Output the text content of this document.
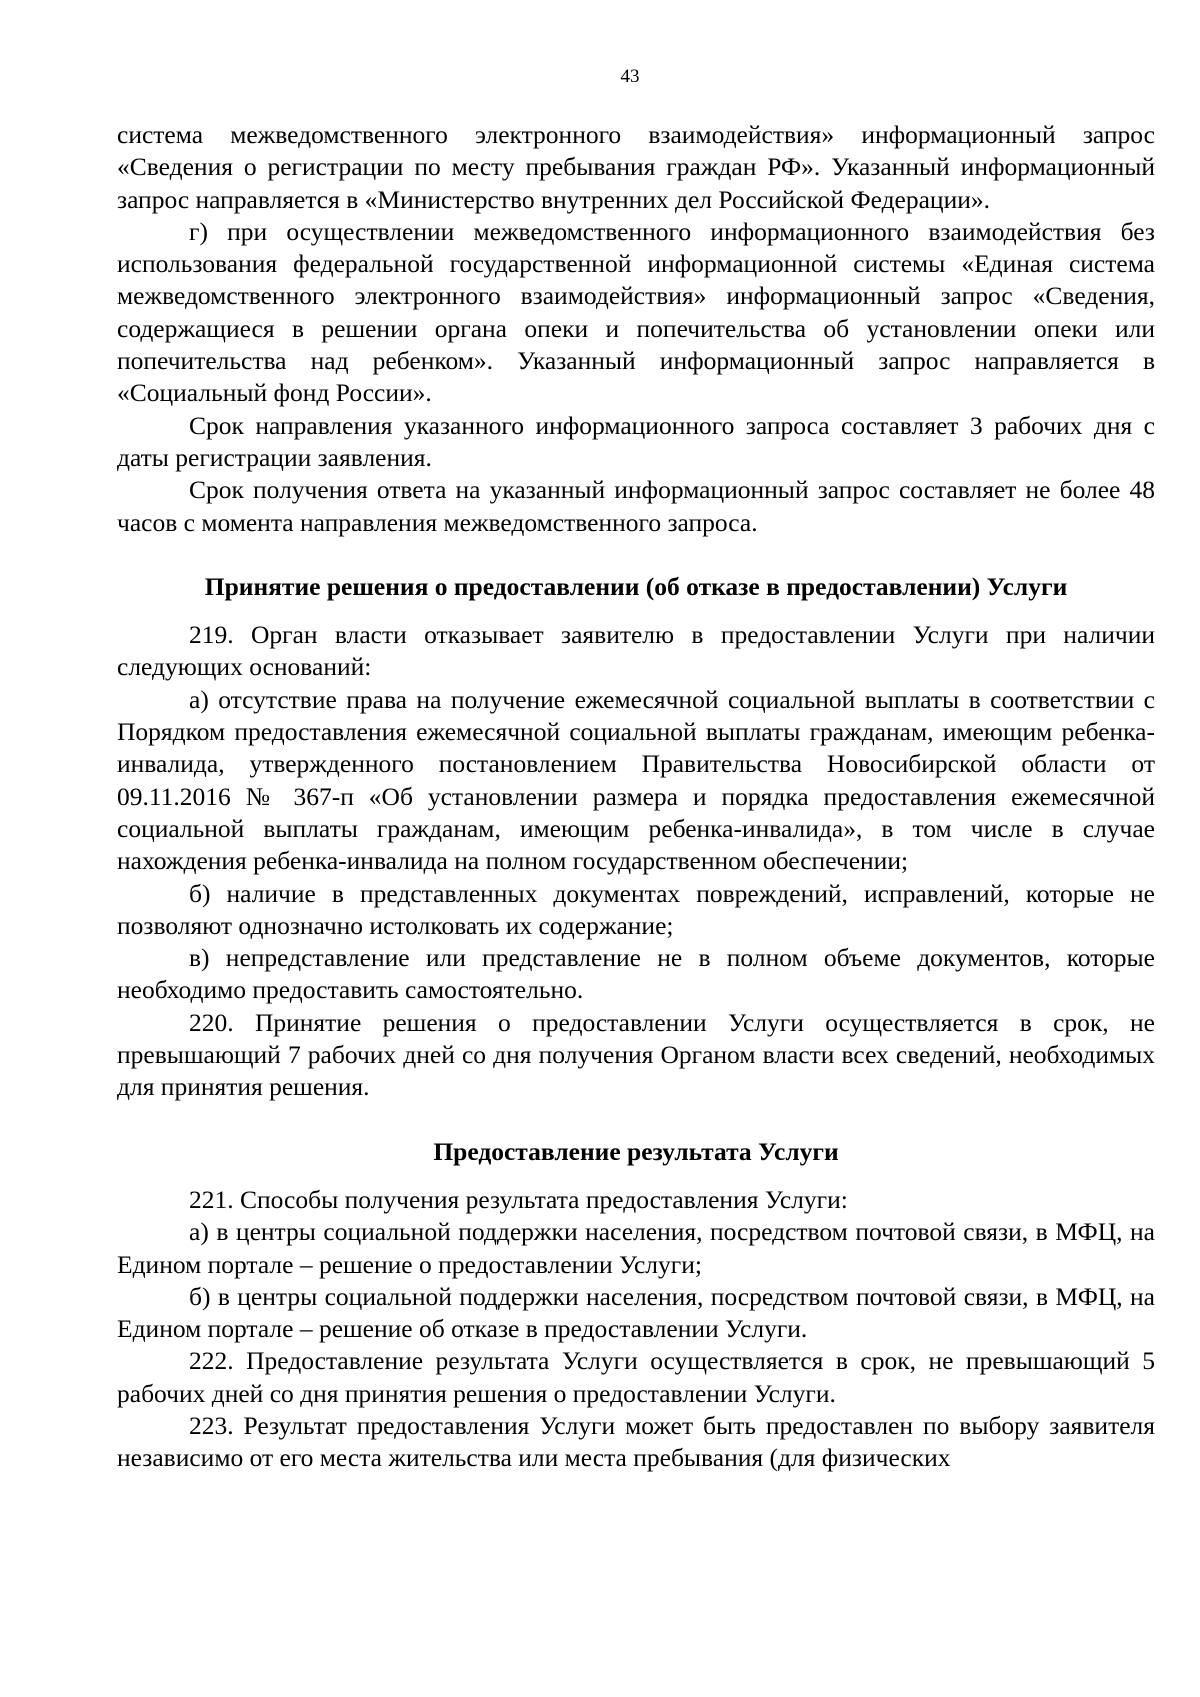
43

система межведомственного электронного взаимодействия» информационный запрос «Сведения о регистрации по месту пребывания граждан РФ». Указанный информационный запрос направляется в «Министерство внутренних дел Российской Федерации».

г) при осуществлении межведомственного информационного взаимодействия без использования федеральной государственной информационной системы «Единая система межведомственного электронного взаимодействия» информационный запрос «Сведения, содержащиеся в решении органа опеки и попечительства об установлении опеки или попечительства над ребенком». Указанный информационный запрос направляется в «Социальный фонд России».

Срок направления указанного информационного запроса составляет 3 рабочих дня с даты регистрации заявления.

Срок получения ответа на указанный информационный запрос составляет не более 48 часов с момента направления межведомственного запроса.

Принятие решения о предоставлении (об отказе в предоставлении) Услуги

219. Орган власти отказывает заявителю в предоставлении Услуги при наличии следующих оснований:

а) отсутствие права на получение ежемесячной социальной выплаты в соответствии с Порядком предоставления ежемесячной социальной выплаты гражданам, имеющим ребенка-инвалида, утвержденного постановлением Правительства Новосибирской области от 09.11.2016 № 367-п «Об установлении размера и порядка предоставления ежемесячной социальной выплаты гражданам, имеющим ребенка-инвалида», в том числе в случае нахождения ребенка-инвалида на полном государственном обеспечении;

б) наличие в представленных документах повреждений, исправлений, которые не позволяют однозначно истолковать их содержание;

в) непредставление или представление не в полном объеме документов, которые необходимо предоставить самостоятельно.

220. Принятие решения о предоставлении Услуги осуществляется в срок, не превышающий 7 рабочих дней со дня получения Органом власти всех сведений, необходимых для принятия решения.

Предоставление результата Услуги

221. Способы получения результата предоставления Услуги:

а) в центры социальной поддержки населения, посредством почтовой связи, в МФЦ, на Едином портале – решение о предоставлении Услуги;

б) в центры социальной поддержки населения, посредством почтовой связи, в МФЦ, на Едином портале – решение об отказе в предоставлении Услуги.

222. Предоставление результата Услуги осуществляется в срок, не превышающий 5 рабочих дней со дня принятия решения о предоставлении Услуги.

223. Результат предоставления Услуги может быть предоставлен по выбору заявителя независимо от его места жительства или места пребывания (для физических
